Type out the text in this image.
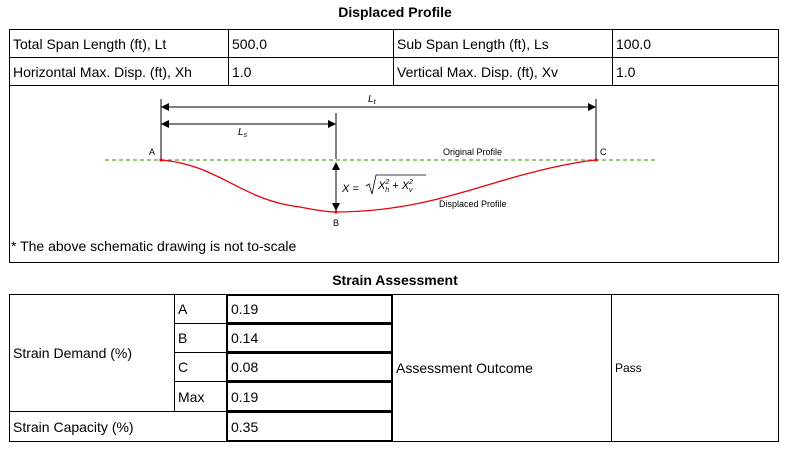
Displaced Profile
Total Span Length (ft), Lt	500.0	Sub Span Length (ft), Ls	100.0
Horizontal Max. Disp. (ft), Xh	1.0	Vertical Max. Disp. (ft), Xv	1.0
$L_t$
$L_s$
A
B
C
Original Profile
Displaced Profile
$X = X^2$ $h + X^2$ v
* The above schematic drawing is not to-scale
Strain Assessment
Strain Demand (%)
A	0.19
B	0.14
C	0.08
Max	0.19
Strain Capacity (%)	0.35
Assessment Outcome	Pass
